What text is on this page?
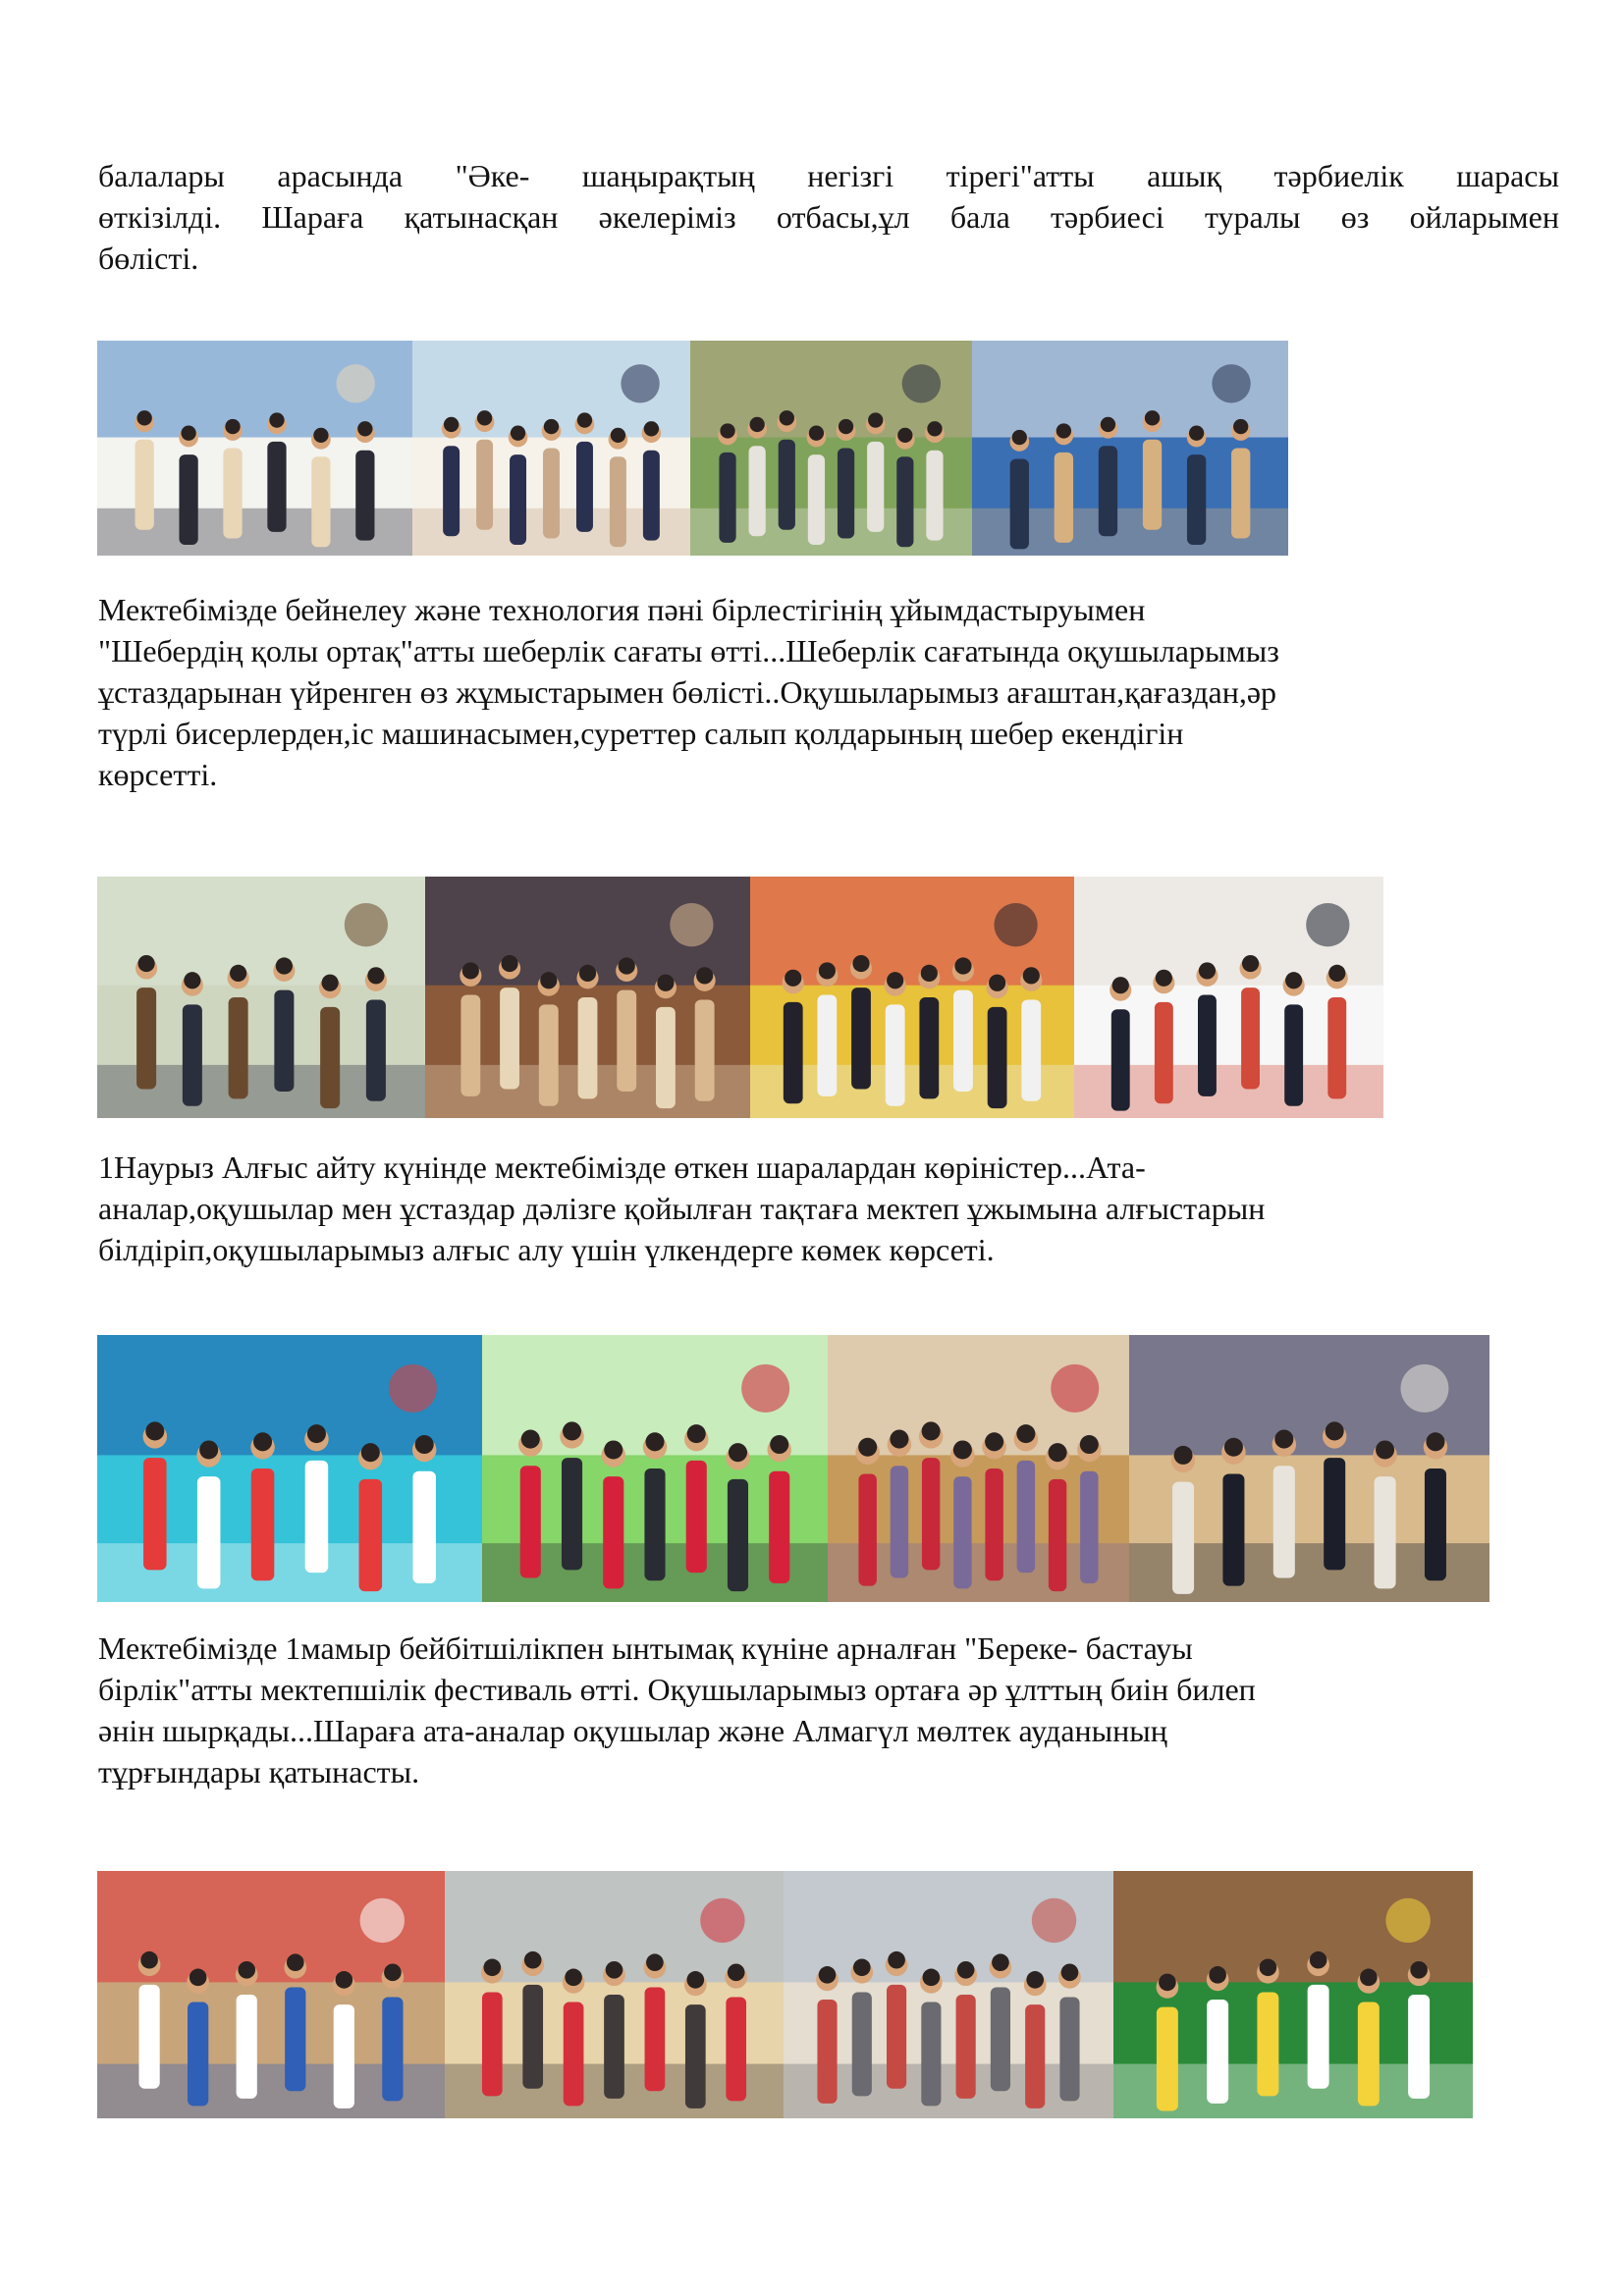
балалары арасында "Әке- шаңырақтың негізгі тірегі"атты ашық тәрбиелік шарасы
өткізілді. Шараға қатынасқан әкелеріміз отбасы,ұл бала тәрбиесі туралы өз ойларымен
бөлісті.
Мектебімізде бейнелеу және технология пәні бірлестігінің ұйымдастыруымен
"Шебердің қолы ортақ"атты шеберлік сағаты өтті...Шеберлік сағатында оқушыларымыз
ұстаздарынан үйренген өз жұмыстарымен бөлісті..Оқушыларымыз ағаштан,қағаздан,әр
түрлі бисерлерден,іс машинасымен,суреттер салып қолдарының шебер екендігін
көрсетті.
1Наурыз Алғыс айту күнінде мектебімізде өткен шаралардан көріністер...Ата-
аналар,оқушылар мен ұстаздар дәлізге қойылған тақтаға мектеп ұжымына алғыстарын
білдіріп,оқушыларымыз алғыс алу үшін үлкендерге көмек көрсеті.
Мектебімізде 1мамыр бейбітшілікпен ынтымақ күніне арналған "Береке- бастауы
бірлік"атты мектепшілік фестиваль өтті. Оқушыларымыз ортаға әр ұлттың биін билеп
әнін шырқады...Шараға ата-аналар оқушылар және Алмагүл мөлтек ауданының
тұрғындары қатынасты.
